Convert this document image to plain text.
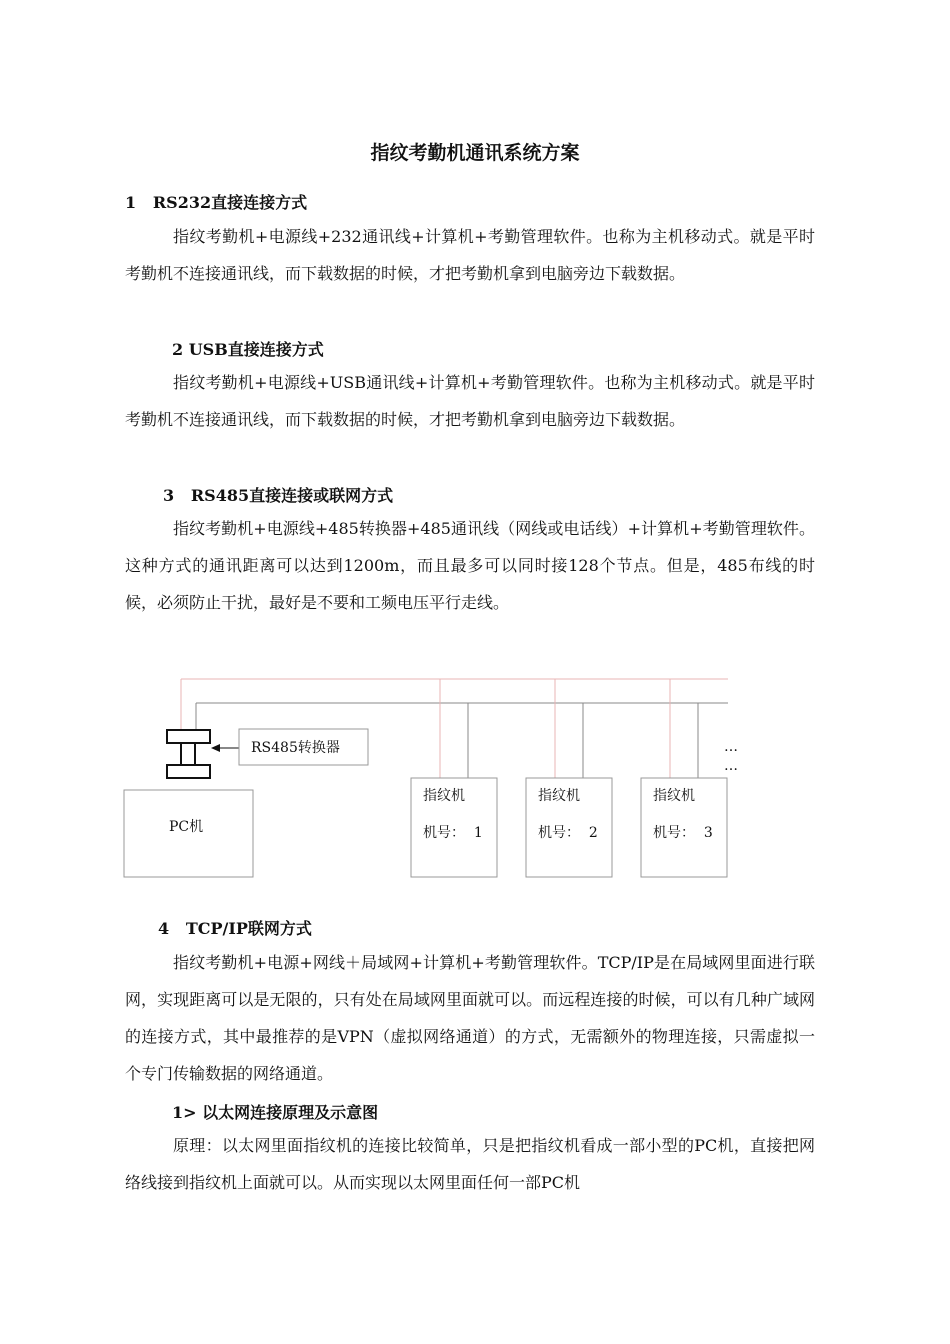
指纹考勤机通讯系统方案
1   RS232直接连接方式
指纹考勤机+电源线+232通讯线+计算机+考勤管理软件。也称为主机移动式。就是平时考勤机不连接通讯线，而下载数据的时候，才把考勤机拿到电脑旁边下载数据。
2 USB直接连接方式
指纹考勤机+电源线+USB通讯线+计算机+考勤管理软件。也称为主机移动式。就是平时考勤机不连接通讯线，而下载数据的时候，才把考勤机拿到电脑旁边下载数据。
3   RS485直接连接或联网方式
指纹考勤机+电源线+485转换器+485通讯线（网线或电话线）+计算机+考勤管理软件。这种方式的通讯距离可以达到1200m，而且最多可以同时接128个节点。但是，485布线的时候，必须防止干扰，最好是不要和工频电压平行走线。
RS485转换器
PC机
指纹机
机号：  1
指纹机
机号：  2
指纹机
机号：  3
…
…
4   TCP/IP联网方式
指纹考勤机+电源+网线＋局域网+计算机+考勤管理软件。TCP/IP是在局域网里面进行联网，实现距离可以是无限的，只有处在局域网里面就可以。而远程连接的时候，可以有几种广域网的连接方式，其中最推荐的是VPN（虚拟网络通道）的方式，无需额外的物理连接，只需虚拟一个专门传输数据的网络通道。
1> 以太网连接原理及示意图
原理：以太网里面指纹机的连接比较简单，只是把指纹机看成一部小型的PC机，直接把网络线接到指纹机上面就可以。从而实现以太网里面任何一部PC机
